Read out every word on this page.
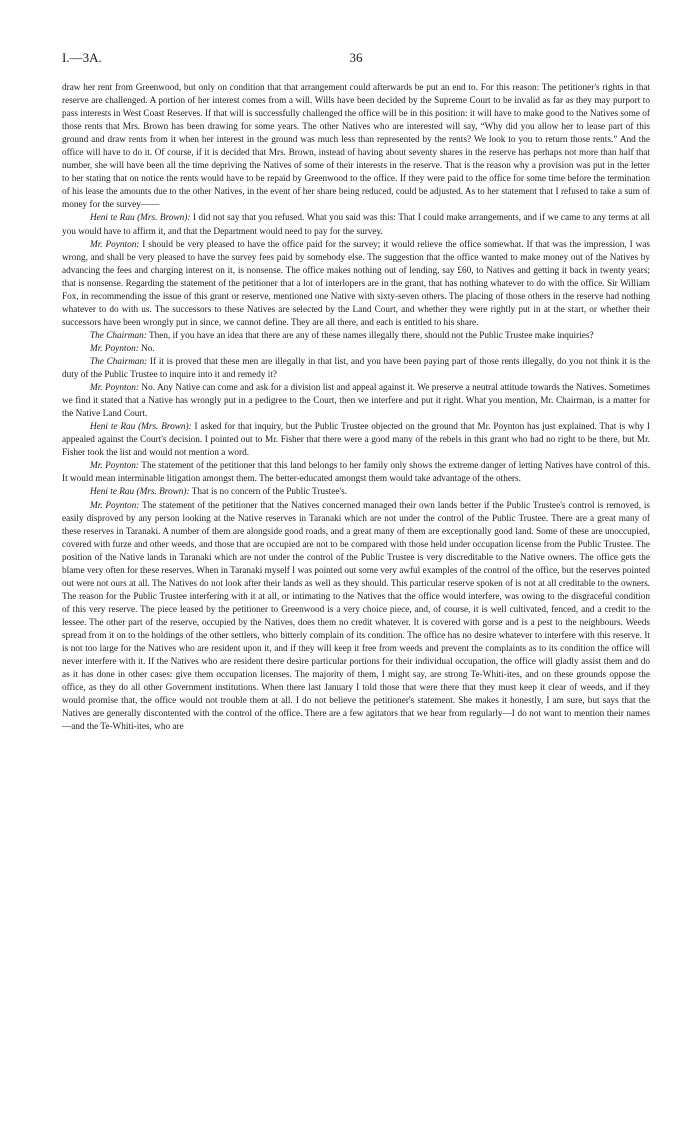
I.—3A.	36

draw her rent from Greenwood, but only on condition that that arrangement could afterwards be put an end to. For this reason: The petitioner's rights in that reserve are challenged. A portion of her interest comes from a will. Wills have been decided by the Supreme Court to be invalid as far as they may purport to pass interests in West Coast Reserves. If that will is successfully challenged the office will be in this position: it will have to make good to the Natives some of those rents that Mrs. Brown has been drawing for some years. The other Natives who are interested will say, “Why did you allow her to lease part of this ground and draw rents from it when her interest in the ground was much less than represented by the rents? We look to you to return those rents.” And the office will have to do it. Of course, if it is decided that Mrs. Brown, instead of having about seventy shares in the reserve has perhaps not more than half that number, she will have been all the time depriving the Natives of some of their interests in the reserve. That is the reason why a provision was put in the letter to her stating that on notice the rents would have to be repaid by Greenwood to the office. If they were paid to the office for some time before the termination of his lease the amounts due to the other Natives, in the event of her share being reduced, could be adjusted. As to her statement that I refused to take a sum of money for the survey——

Heni te Rau (Mrs. Brown): I did not say that you refused. What you said was this: That I could make arrangements, and if we came to any terms at all you would have to affirm it, and that the Department would need to pay for the survey.

Mr. Poynton: I should be very pleased to have the office paid for the survey; it would relieve the office somewhat. If that was the impression, I was wrong, and shall be very pleased to have the survey fees paid by somebody else. The suggestion that the office wanted to make money out of the Natives by advancing the fees and charging interest on it, is nonsense. The office makes nothing out of lending, say £60, to Natives and getting it back in twenty years; that is nonsense. Regarding the statement of the petitioner that a lot of interlopers are in the grant, that has nothing whatever to do with the office. Sir William Fox, in recommending the issue of this grant or reserve, mentioned one Native with sixty-seven others. The placing of those others in the reserve had nothing whatever to do with us. The successors to these Natives are selected by the Land Court, and whether they were rightly put in at the start, or whether their successors have been wrongly put in since, we cannot define. They are all there, and each is entitled to his share.

The Chairman: Then, if you have an idea that there are any of these names illegally there, should not the Public Trustee make inquiries?

Mr. Poynton: No.

The Chairman: If it is proved that these men are illegally in that list, and you have been paying part of those rents illegally, do you not think it is the duty of the Public Trustee to inquire into it and remedy it?

Mr. Poynton: No. Any Native can come and ask for a division list and appeal against it. We preserve a neutral attitude towards the Natives. Sometimes we find it stated that a Native has wrongly put in a pedigree to the Court, then we interfere and put it right. What you mention, Mr. Chairman, is a matter for the Native Land Court.

Heni te Rau (Mrs. Brown): I asked for that inquiry, but the Public Trustee objected on the ground that Mr. Poynton has just explained. That is why I appealed against the Court's decision. I pointed out to Mr. Fisher that there were a good many of the rebels in this grant who had no right to be there, but Mr. Fisher took the list and would not mention a word.

Mr. Poynton: The statement of the petitioner that this land belongs to her family only shows the extreme danger of letting Natives have control of this. It would mean interminable litigation amongst them. The better-educated amongst them would take advantage of the others.

Heni te Rau (Mrs. Brown): That is no concern of the Public Trustee's.

Mr. Poynton: The statement of the petitioner that the Natives concerned managed their own lands better if the Public Trustee's control is removed, is easily disproved by any person looking at the Native reserves in Taranaki which are not under the control of the Public Trustee. There are a great many of these reserves in Taranaki. A number of them are alongside good roads, and a great many of them are exceptionally good land. Some of these are unoccupied, covered with furze and other weeds, and those that are occupied are not to be compared with those held under occupation license from the Public Trustee. The position of the Native lands in Taranaki which are not under the control of the Public Trustee is very discreditable to the Native owners. The office gets the blame very often for these reserves. When in Taranaki myself I was pointed out some very awful examples of the control of the office, but the reserves pointed out were not ours at all. The Natives do not look after their lands as well as they should. This particular reserve spoken of is not at all creditable to the owners. The reason for the Public Trustee interfering with it at all, or intimating to the Natives that the office would interfere, was owing to the disgraceful condition of this very reserve. The piece leased by the petitioner to Greenwood is a very choice piece, and, of course, it is well cultivated, fenced, and a credit to the lessee. The other part of the reserve, occupied by the Natives, does them no credit whatever. It is covered with gorse and is a pest to the neighbours. Weeds spread from it on to the holdings of the other settlers, who bitterly complain of its condition. The office has no desire whatever to interfere with this reserve. It is not too large for the Natives who are resident upon it, and if they will keep it free from weeds and prevent the complaints as to its condition the office will never interfere with it. If the Natives who are resident there desire particular portions for their individual occupation, the office will gladly assist them and do as it has done in other cases: give them occupation licenses. The majority of them, I might say, are strong Te-Whiti-ites, and on these grounds oppose the office, as they do all other Government institutions. When there last January I told those that were there that they must keep it clear of weeds, and if they would promise that, the office would not trouble them at all. I do not believe the petitioner's statement. She makes it honestly, I am sure, but says that the Natives are generally discontented with the control of the office. There are a few agitators that we hear from regularly—I do not want to mention their names—and the Te-Whiti-ites, who are
